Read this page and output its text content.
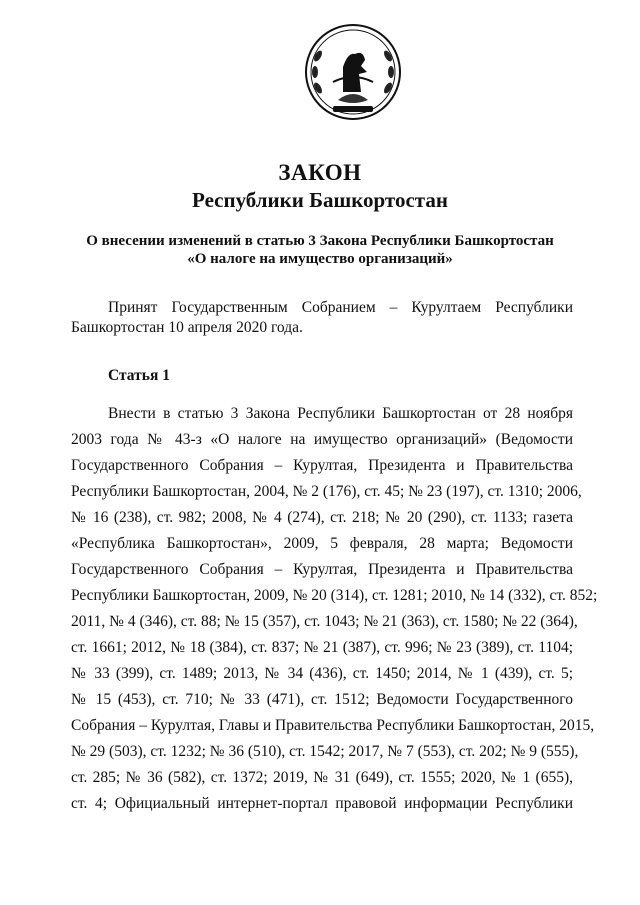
ЗАКОН
Республики Башкортостан
О внесении изменений в статью 3 Закона Республики Башкортостан
«О налоге на имущество организаций»
Принят Государственным Собранием – Курултаем Республики
Башкортостан 10 апреля 2020 года.
Статья 1
Внести в статью 3 Закона Республики Башкортостан от 28 ноября
2003 года № 43-з «О налоге на имущество организаций» (Ведомости
Государственного Собрания – Курултая, Президента и Правительства
Республики Башкортостан, 2004, № 2 (176), ст. 45; № 23 (197), ст. 1310; 2006,
№ 16 (238), ст. 982; 2008, № 4 (274), ст. 218; № 20 (290), ст. 1133; газета
«Республика Башкортостан», 2009, 5 февраля, 28 марта; Ведомости
Государственного Собрания – Курултая, Президента и Правительства
Республики Башкортостан, 2009, № 20 (314), ст. 1281; 2010, № 14 (332), ст. 852;
2011, № 4 (346), ст. 88; № 15 (357), ст. 1043; № 21 (363), ст. 1580; № 22 (364),
ст. 1661; 2012, № 18 (384), ст. 837; № 21 (387), ст. 996; № 23 (389), ст. 1104;
№ 33 (399), ст. 1489; 2013, № 34 (436), ст. 1450; 2014, № 1 (439), ст. 5;
№ 15 (453), ст. 710; № 33 (471), ст. 1512; Ведомости Государственного
Собрания – Курултая, Главы и Правительства Республики Башкортостан, 2015,
№ 29 (503), ст. 1232; № 36 (510), ст. 1542; 2017, № 7 (553), ст. 202; № 9 (555),
ст. 285; № 36 (582), ст. 1372; 2019, № 31 (649), ст. 1555; 2020, № 1 (655),
ст. 4; Официальный интернет-портал правовой информации Республики
